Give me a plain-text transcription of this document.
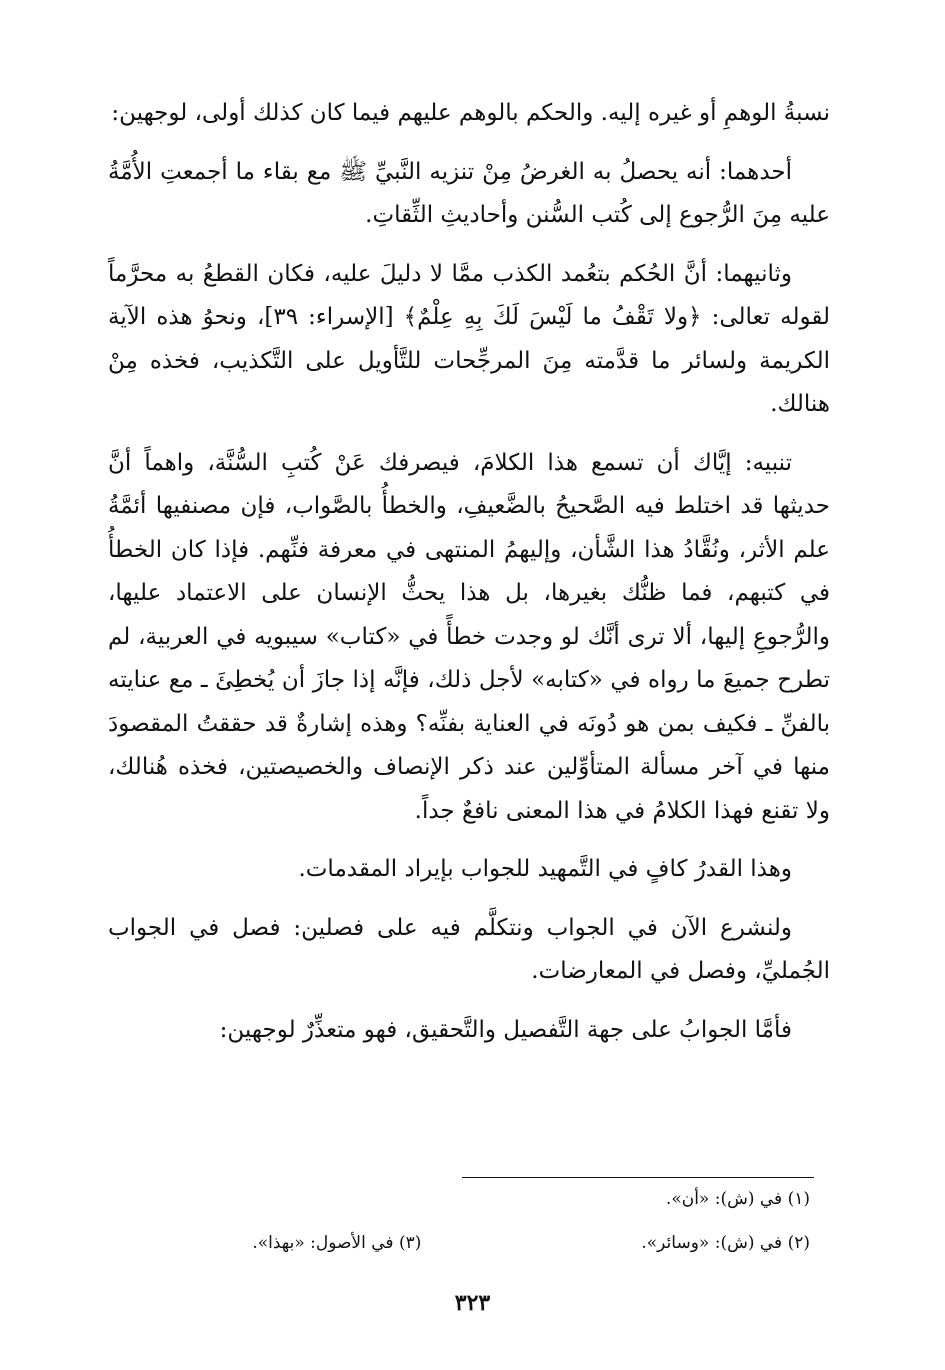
نسبةُ الوهمِ أو غيره إليه. والحكم بالوهم عليهم فيما كان كذلك أولى، لوجهين:

أحدهما: أنه يحصلُ به الغرضُ مِنْ تنزيه النَّبيِّ ﷺ مع بقاء ما أجمعتِ الأُمَّةُ عليه مِنَ الرُّجوع إلى كُتب السُّنن وأحاديثِ الثِّقاتِ.

وثانيهما: أنَّ الحُكم بتعُمد الكذب ممَّا لا دليلَ عليه، فكان القطعُ به محرَّماً لقوله تعالى: ﴿ولا تَقْفُ ما لَيْسَ لَكَ بِهِ عِلْمٌ﴾ [الإسراء: ٣٩]، ونحوُ هذه الآية الكريمة ولسائر ما قدَّمته مِنَ المرجِّحات للتَّأويل على التَّكذيب، فخذه مِنْ هنالك.

تنبيه: إيَّاك أن تسمع هذا الكلامَ، فيصرفك عَنْ كُتبِ السُّنَّة، واهماً أنَّ حديثها قد اختلط فيه الصَّحيحُ بالضَّعيفِ، والخطأُ بالصَّواب، فإن مصنفيها أئمَّةُ علم الأثر، ونُقَّادُ هذا الشَّأن، وإليهمُ المنتهى في معرفة فنِّهم. فإذا كان الخطأُ في كتبهم، فما ظنُّك بغيرها، بل هذا يحثُّ الإنسان على الاعتماد عليها، والرُّجوعِ إليها، ألا ترى أنَّك لو وجدت خطأً في «كتاب» سيبويه في العربية، لم تطرح جميعَ ما رواه في «كتابه» لأجل ذلك، فإنَّه إذا جازَ أن يُخطِئَ ـ مع عنايته بالفنِّ ـ فكيف بمن هو دُونَه في العناية بفنِّه؟ وهذه إشارةٌ قد حققتُ المقصودَ منها في آخر مسألة المتأوِّلين عند ذكر الإنصاف والخصيصتين، فخذه هُنالك، ولا تقنع فهذا الكلامُ في هذا المعنى نافعٌ جداً.

وهذا القدرُ كافٍ في التَّمهيد للجواب بإيراد المقدمات.

ولنشرع الآن في الجواب ونتكلَّم فيه على فصلين: فصل في الجواب الجُمليِّ، وفصل في المعارضات.

فأمَّا الجوابُ على جهة التَّفصيل والتَّحقيق، فهو متعذِّرٌ لوجهين:

(١) في (ش): «أن».
(٢) في (ش): «وسائر».
(٣) في الأصول: «بهذا».
٣٢٣
